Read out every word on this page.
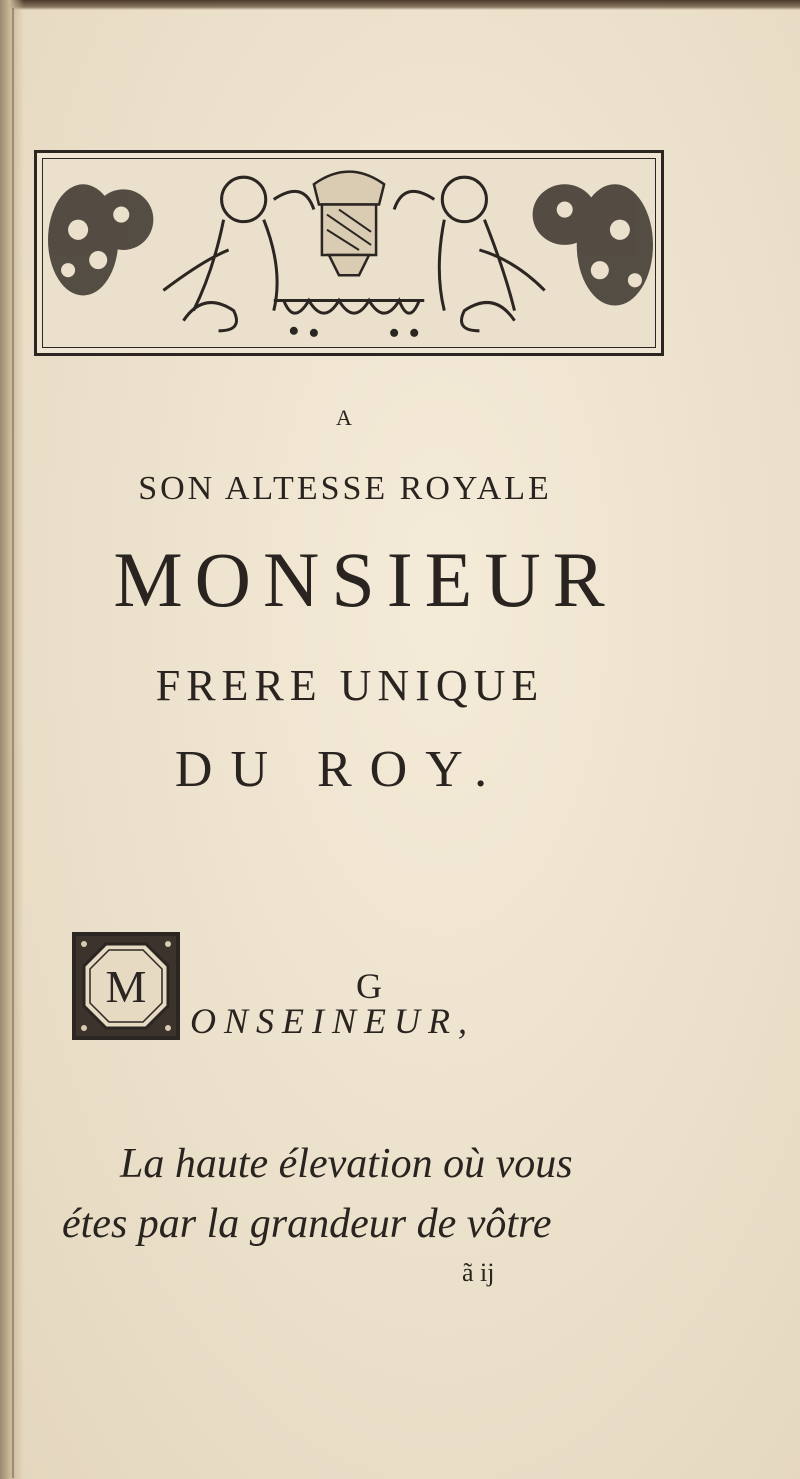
A
SON ALTESSE ROYALE
MONSIEUR
FRERE UNIQUE
DU ROY.
M	G
ONSEINEUR,
La haute élevation où vous
étes par la grandeur de vôtre
ã ij
